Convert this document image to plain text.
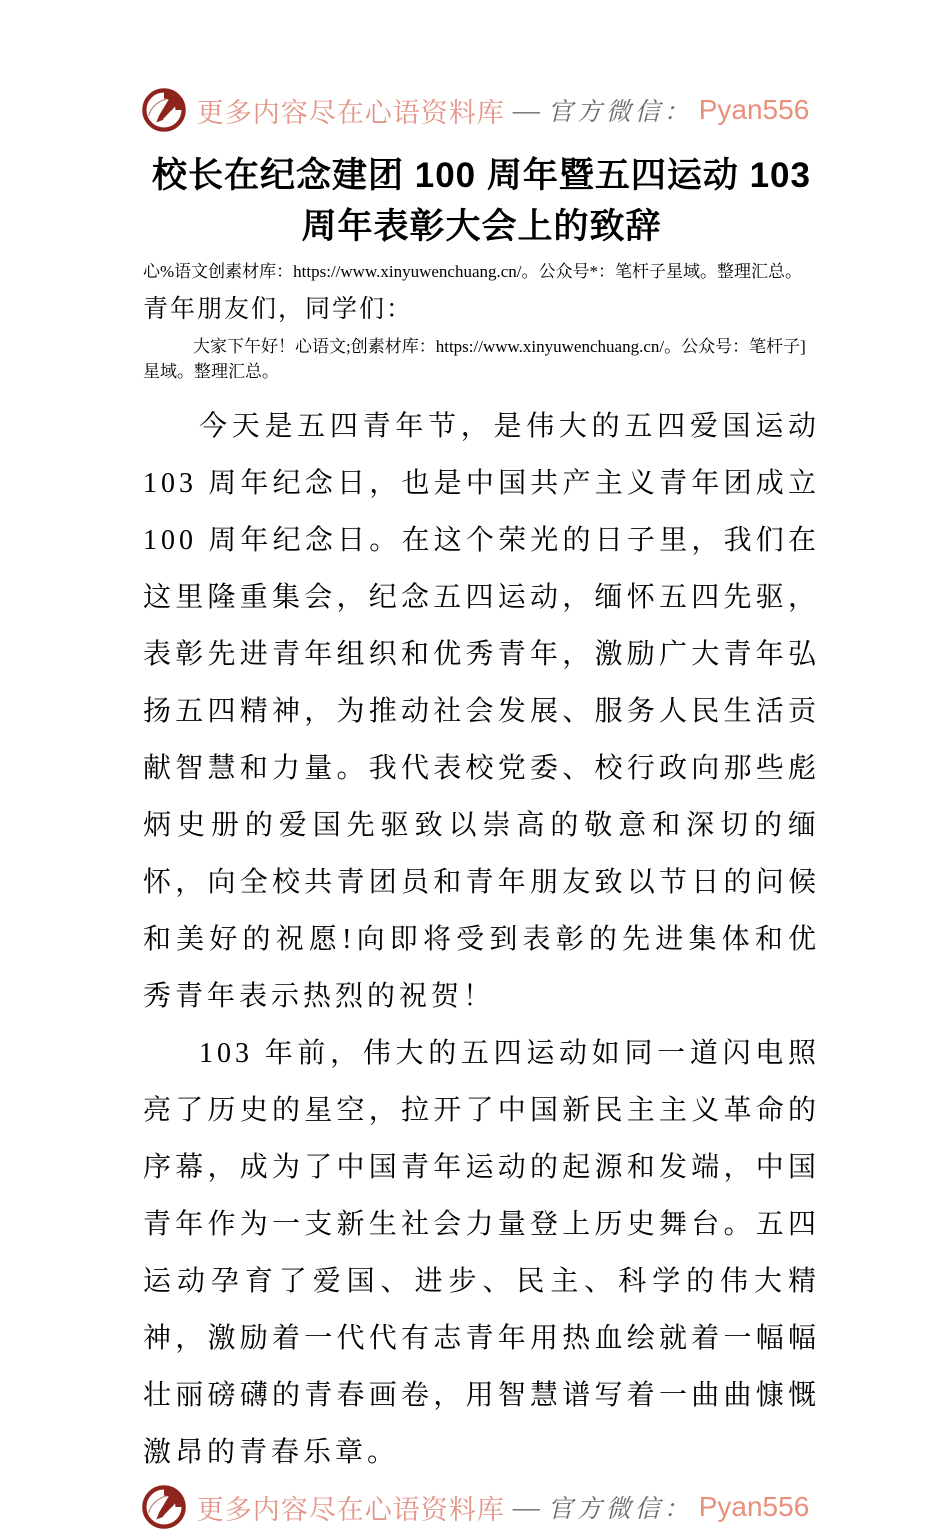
更多内容尽在心语资料库 — 官方微信： Pyan556
校长在纪念建团 100 周年暨五四运动 103
周年表彰大会上的致辞

心%语文创素材库：https://www.xinyuwenchuang.cn/。公众号*：笔杆子星域。整理汇总。

青年朋友们，同学们：

大家下午好！心语文;创素材库：https://www.xinyuwenchuang.cn/。公众号：笔杆子]星域。整理汇总。

今天是五四青年节，是伟大的五四爱国运动 103 周年纪念日，也是中国共产主义青年团成立 100 周年纪念日。在这个荣光的日子里，我们在这里隆重集会，纪念五四运动，缅怀五四先驱，表彰先进青年组织和优秀青年，激励广大青年弘扬五四精神，为推动社会发展、服务人民生活贡献智慧和力量。我代表校党委、校行政向那些彪炳史册的爱国先驱致以崇高的敬意和深切的缅怀，向全校共青团员和青年朋友致以节日的问候和美好的祝愿!向即将受到表彰的先进集体和优秀青年表示热烈的祝贺！

103 年前，伟大的五四运动如同一道闪电照亮了历史的星空，拉开了中国新民主主义革命的序幕，成为了中国青年运动的起源和发端，中国青年作为一支新生社会力量登上历史舞台。五四运动孕育了爱国、进步、民主、科学的伟大精神，激励着一代代有志青年用热血绘就着一幅幅壮丽磅礴的青春画卷，用智慧谱写着一曲曲慷慨激昂的青春乐章。

更多内容尽在心语资料库 — 官方微信： Pyan556
